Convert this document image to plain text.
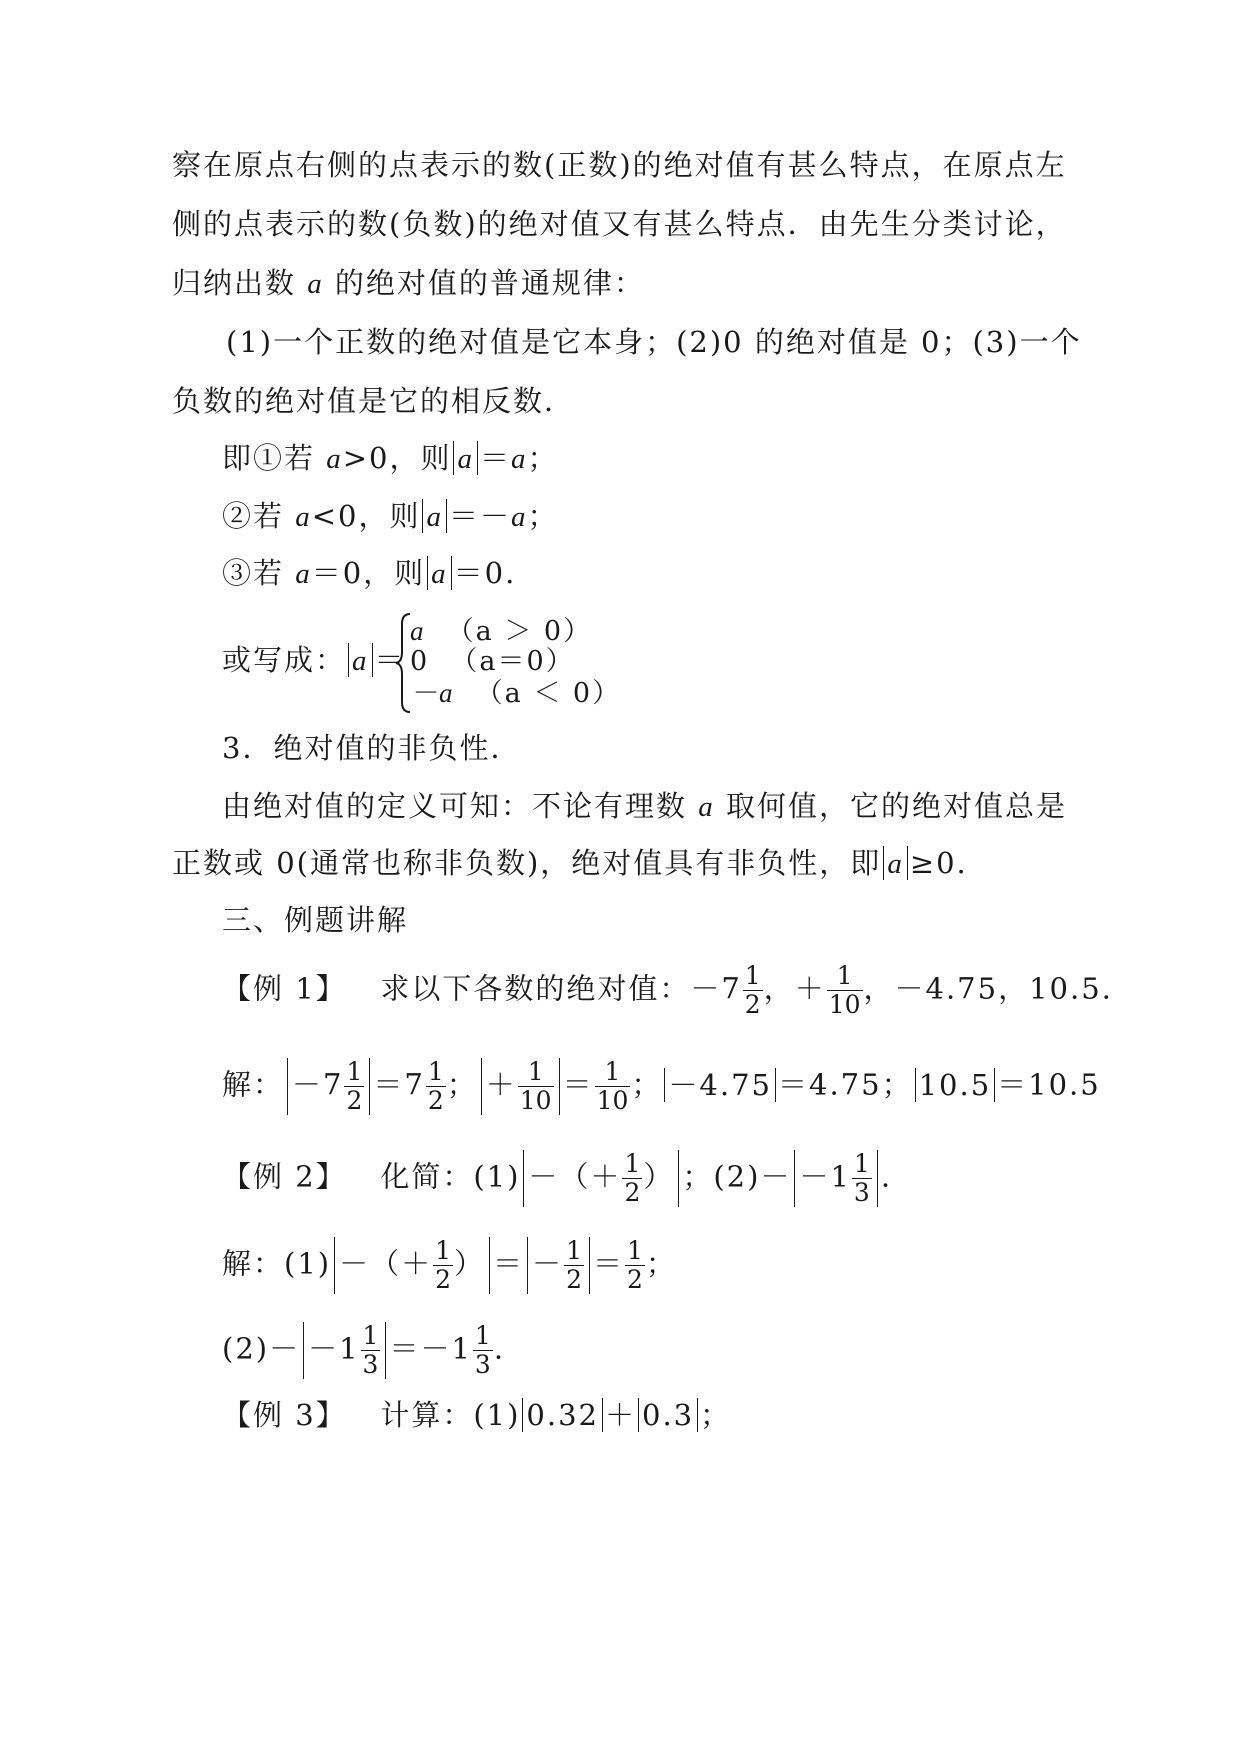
察在原点右侧的点表示的数(正数)的绝对值有甚么特点，在原点左
侧的点表示的数(负数)的绝对值又有甚么特点．由先生分类讨论，
归纳出数 a 的绝对值的普通规律：
(1)一个正数的绝对值是它本身；(2)0 的绝对值是 0；(3)一个
负数的绝对值是它的相反数．
即①若 a>0，则 a ＝a；
②若 a<0，则 a ＝－a；
③若 a＝0，则 a ＝0.
或写成： a ＝
a （a ＞ 0）
0 （a＝0）
－a （a ＜ 0）
3．绝对值的非负性．
由绝对值的定义可知：不论有理数 a 取何值，它的绝对值总是
正数或 0(通常也称非负数)，绝对值具有非负性，即 a ≥0.
三、例题讲解
【例 1】 求以下各数的绝对值：$-7 \frac{1}{2}$ ，＋ $\frac{1}{10}$ ，－4.75，10.5.
解： $-7 \frac{1}{2} =7 \frac{1}{2}$ ； ＋ $\frac{1}{10} = \frac{1}{10}$ ； －4.75 ＝4.75； 10.5 ＝10.5
【例 2】 化简：(1) －（＋ $\frac{1}{2}$ ） ；$(2)- -1 \frac{1}{3}$ .
解：(1) －（＋ $\frac{1}{2}$ ） ＝ － $\frac{1}{2} = \frac{1}{2}$ ；
$(2)- -1 \frac{1}{3} =-1 \frac{1}{3}$ .
【例 3】 计算：(1) 0.32 ＋ 0.3 ；
